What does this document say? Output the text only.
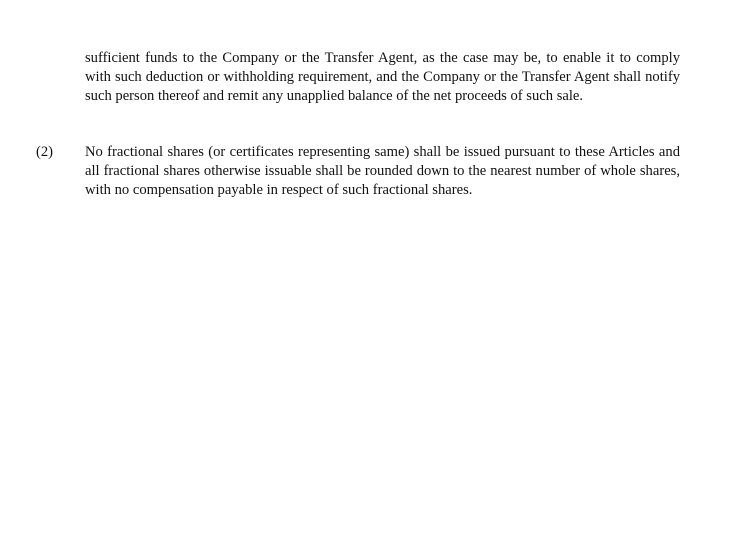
sufficient funds to the Company or the Transfer Agent, as the case may be, to enable it to comply with such deduction or withholding requirement, and the Company or the Transfer Agent shall notify such person thereof and remit any unapplied balance of the net proceeds of such sale.

(2) No fractional shares (or certificates representing same) shall be issued pursuant to these Articles and all fractional shares otherwise issuable shall be rounded down to the nearest number of whole shares, with no compensation payable in respect of such fractional shares.
